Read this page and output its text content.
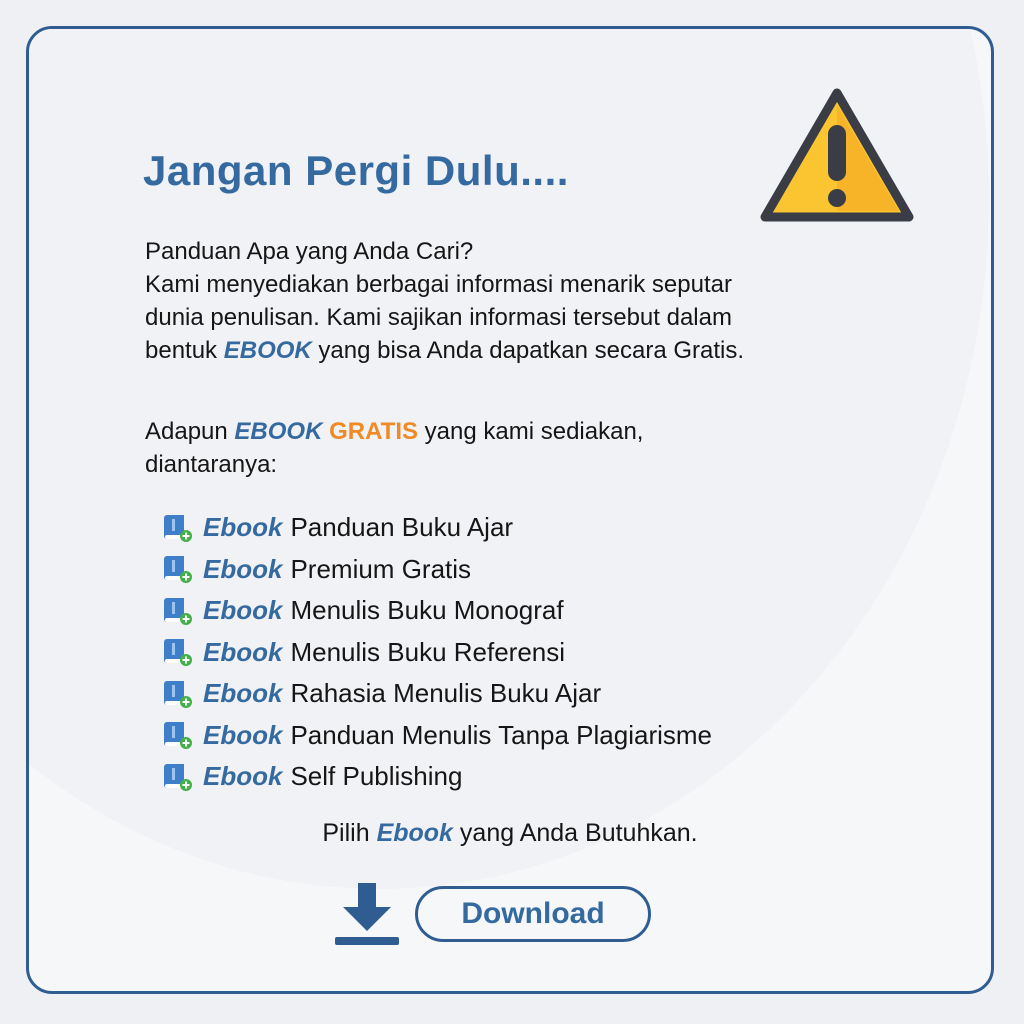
Jangan Pergi Dulu....

Panduan Apa yang Anda Cari?
Kami menyediakan berbagai informasi menarik seputar
dunia penulisan. Kami sajikan informasi tersebut dalam
bentuk EBOOK yang bisa Anda dapatkan secara Gratis.

Adapun EBOOK GRATIS yang kami sediakan,
diantaranya:

Ebook Panduan Buku Ajar
Ebook Premium Gratis
Ebook Menulis Buku Monograf
Ebook Menulis Buku Referensi
Ebook Rahasia Menulis Buku Ajar
Ebook Panduan Menulis Tanpa Plagiarisme
Ebook Self Publishing

Pilih Ebook yang Anda Butuhkan.

Download
